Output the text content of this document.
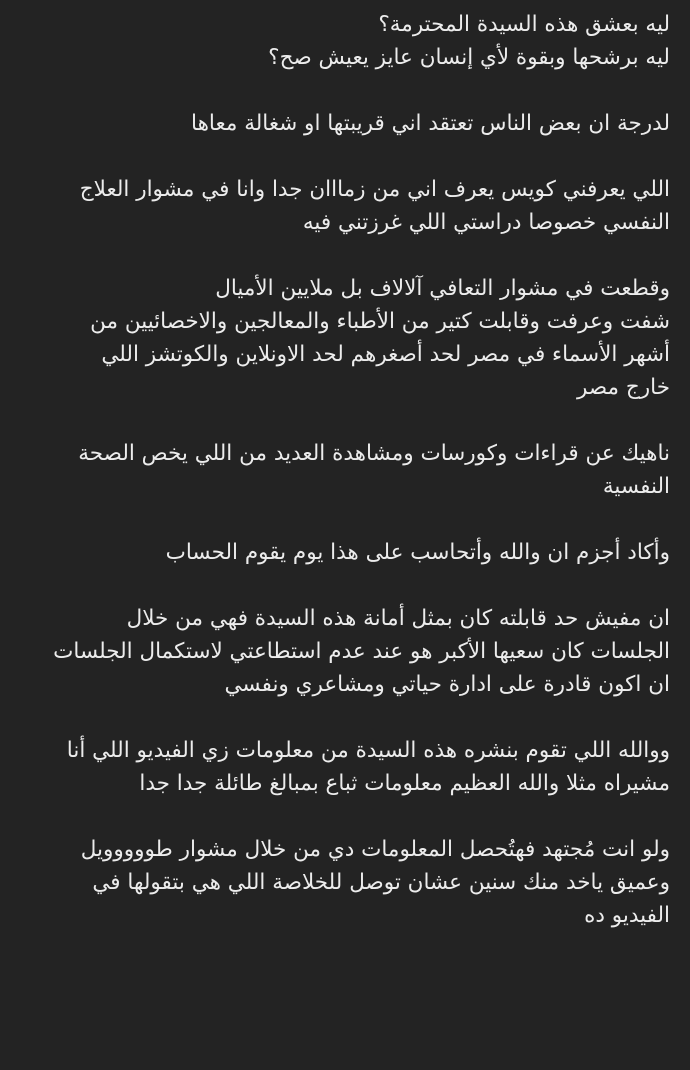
ليه بعشق هذه السيدة المحترمة؟
ليه برشحها وبقوة لأي إنسان عايز يعيش صح؟
لدرجة ان بعض الناس تعتقد اني قريبتها او شغالة معاها
اللي يعرفني كويس يعرف اني من زمااان جدا وانا في مشوار العلاج
النفسي خصوصا دراستي اللي غرزتني فيه
وقطعت في مشوار التعافي آلالاف بل ملايين الأميال
شفت وعرفت وقابلت كتير من الأطباء والمعالجين والاخصائيين من
أشهر الأسماء في مصر لحد أصغرهم لحد الاونلاين والكوتشز اللي
خارج مصر
ناهيك عن قراءات وكورسات ومشاهدة العديد من اللي يخص الصحة
النفسية
وأكاد أجزم ان والله وأتحاسب على هذا يوم يقوم الحساب
ان مفيش حد قابلته كان بمثل أمانة هذه السيدة فهي من خلال
الجلسات كان سعيها الأكبر هو عند عدم استطاعتي لاستكمال الجلسات
ان اكون قادرة على ادارة حياتي ومشاعري ونفسي
ووالله اللي تقوم بنشره هذه السيدة من معلومات زي الفيديو اللي أنا
مشيراه مثلا والله العظيم معلومات ثباع بمبالغ طائلة جدا جدا
ولو انت مُجتهد فهتُحصل المعلومات دي من خلال مشوار طووووويل
وعميق ياخد منك سنين عشان توصل للخلاصة اللي هي بتقولها في
الفيديو ده
